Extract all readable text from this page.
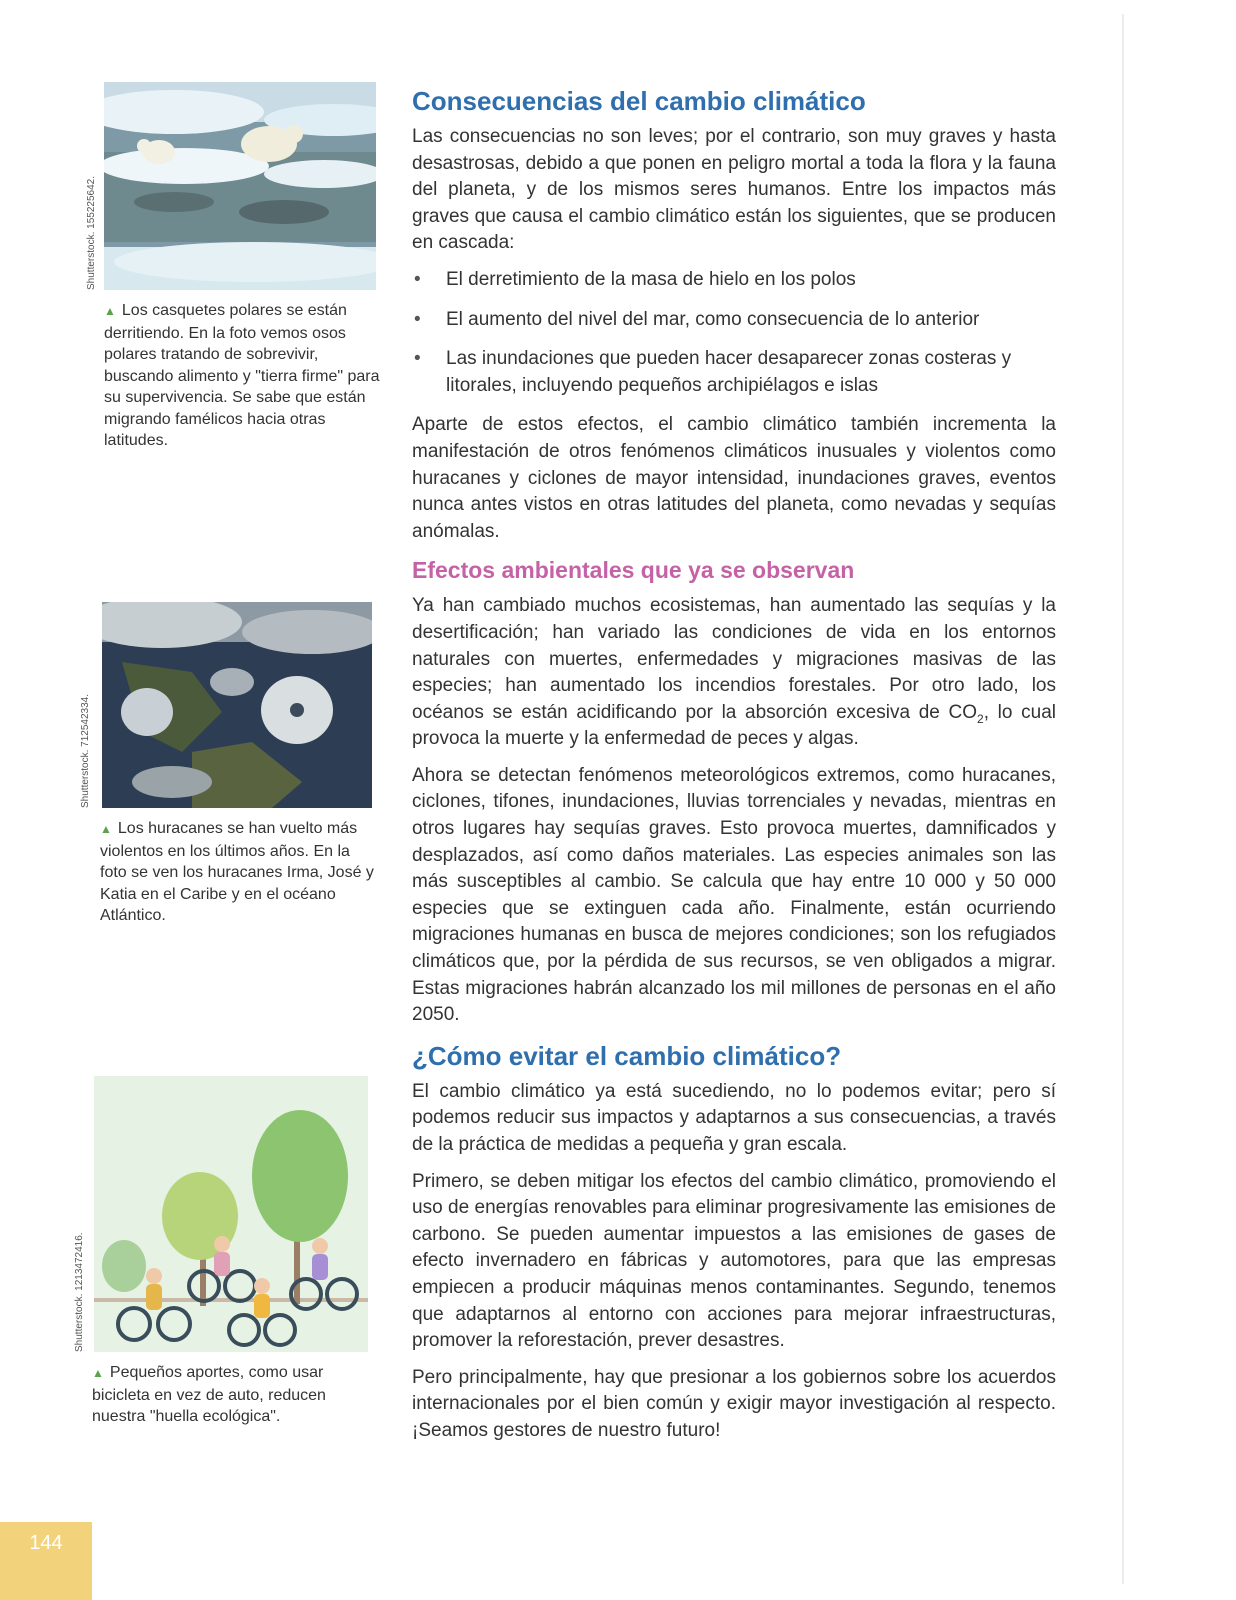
Shutterstock. 155225642.

▲ Los casquetes polares se están derritiendo. En la foto vemos osos polares tratando de sobrevivir, buscando alimento y "tierra firme" para su supervivencia. Se sabe que están migrando famélicos hacia otras latitudes.

Shutterstock. 712542334.

▲ Los huracanes se han vuelto más violentos en los últimos años. En la foto se ven los huracanes Irma, José y Katia en el Caribe y en el océano Atlántico.

Shutterstock. 1213472416.

▲ Pequeños aportes, como usar bicicleta en vez de auto, reducen nuestra "huella ecológica".

Consecuencias del cambio climático

Las consecuencias no son leves; por el contrario, son muy graves y hasta desastrosas, debido a que ponen en peligro mortal a toda la flora y la fauna del planeta, y de los mismos seres humanos. Entre los impactos más graves que causa el cambio climático están los siguientes, que se producen en cascada:

• El derretimiento de la masa de hielo en los polos
• El aumento del nivel del mar, como consecuencia de lo anterior
• Las inundaciones que pueden hacer desaparecer zonas costeras y litorales, incluyendo pequeños archipiélagos e islas

Aparte de estos efectos, el cambio climático también incrementa la manifestación de otros fenómenos climáticos inusuales y violentos como huracanes y ciclones de mayor intensidad, inundaciones graves, eventos nunca antes vistos en otras latitudes del planeta, como nevadas y sequías anómalas.

Efectos ambientales que ya se observan

Ya han cambiado muchos ecosistemas, han aumentado las sequías y la desertificación; han variado las condiciones de vida en los entornos naturales con muertes, enfermedades y migraciones masivas de las especies; han aumentado los incendios forestales. Por otro lado, los océanos se están acidificando por la absorción excesiva de $CO_2$, lo cual provoca la muerte y la enfermedad de peces y algas.

Ahora se detectan fenómenos meteorológicos extremos, como huracanes, ciclones, tifones, inundaciones, lluvias torrenciales y nevadas, mientras en otros lugares hay sequías graves. Esto provoca muertes, damnificados y desplazados, así como daños materiales. Las especies animales son las más susceptibles al cambio. Se calcula que hay entre 10 000 y 50 000 especies que se extinguen cada año. Finalmente, están ocurriendo migraciones humanas en busca de mejores condiciones; son los refugiados climáticos que, por la pérdida de sus recursos, se ven obligados a migrar. Estas migraciones habrán alcanzado los mil millones de personas en el año 2050.

¿Cómo evitar el cambio climático?

El cambio climático ya está sucediendo, no lo podemos evitar; pero sí podemos reducir sus impactos y adaptarnos a sus consecuencias, a través de la práctica de medidas a pequeña y gran escala.

Primero, se deben mitigar los efectos del cambio climático, promoviendo el uso de energías renovables para eliminar progresivamente las emisiones de carbono. Se pueden aumentar impuestos a las emisiones de gases de efecto invernadero en fábricas y automotores, para que las empresas empiecen a producir máquinas menos contaminantes. Segundo, tenemos que adaptarnos al entorno con acciones para mejorar infraestructuras, promover la reforestación, prever desastres.

Pero principalmente, hay que presionar a los gobiernos sobre los acuerdos internacionales por el bien común y exigir mayor investigación al respecto. ¡Seamos gestores de nuestro futuro!

144
